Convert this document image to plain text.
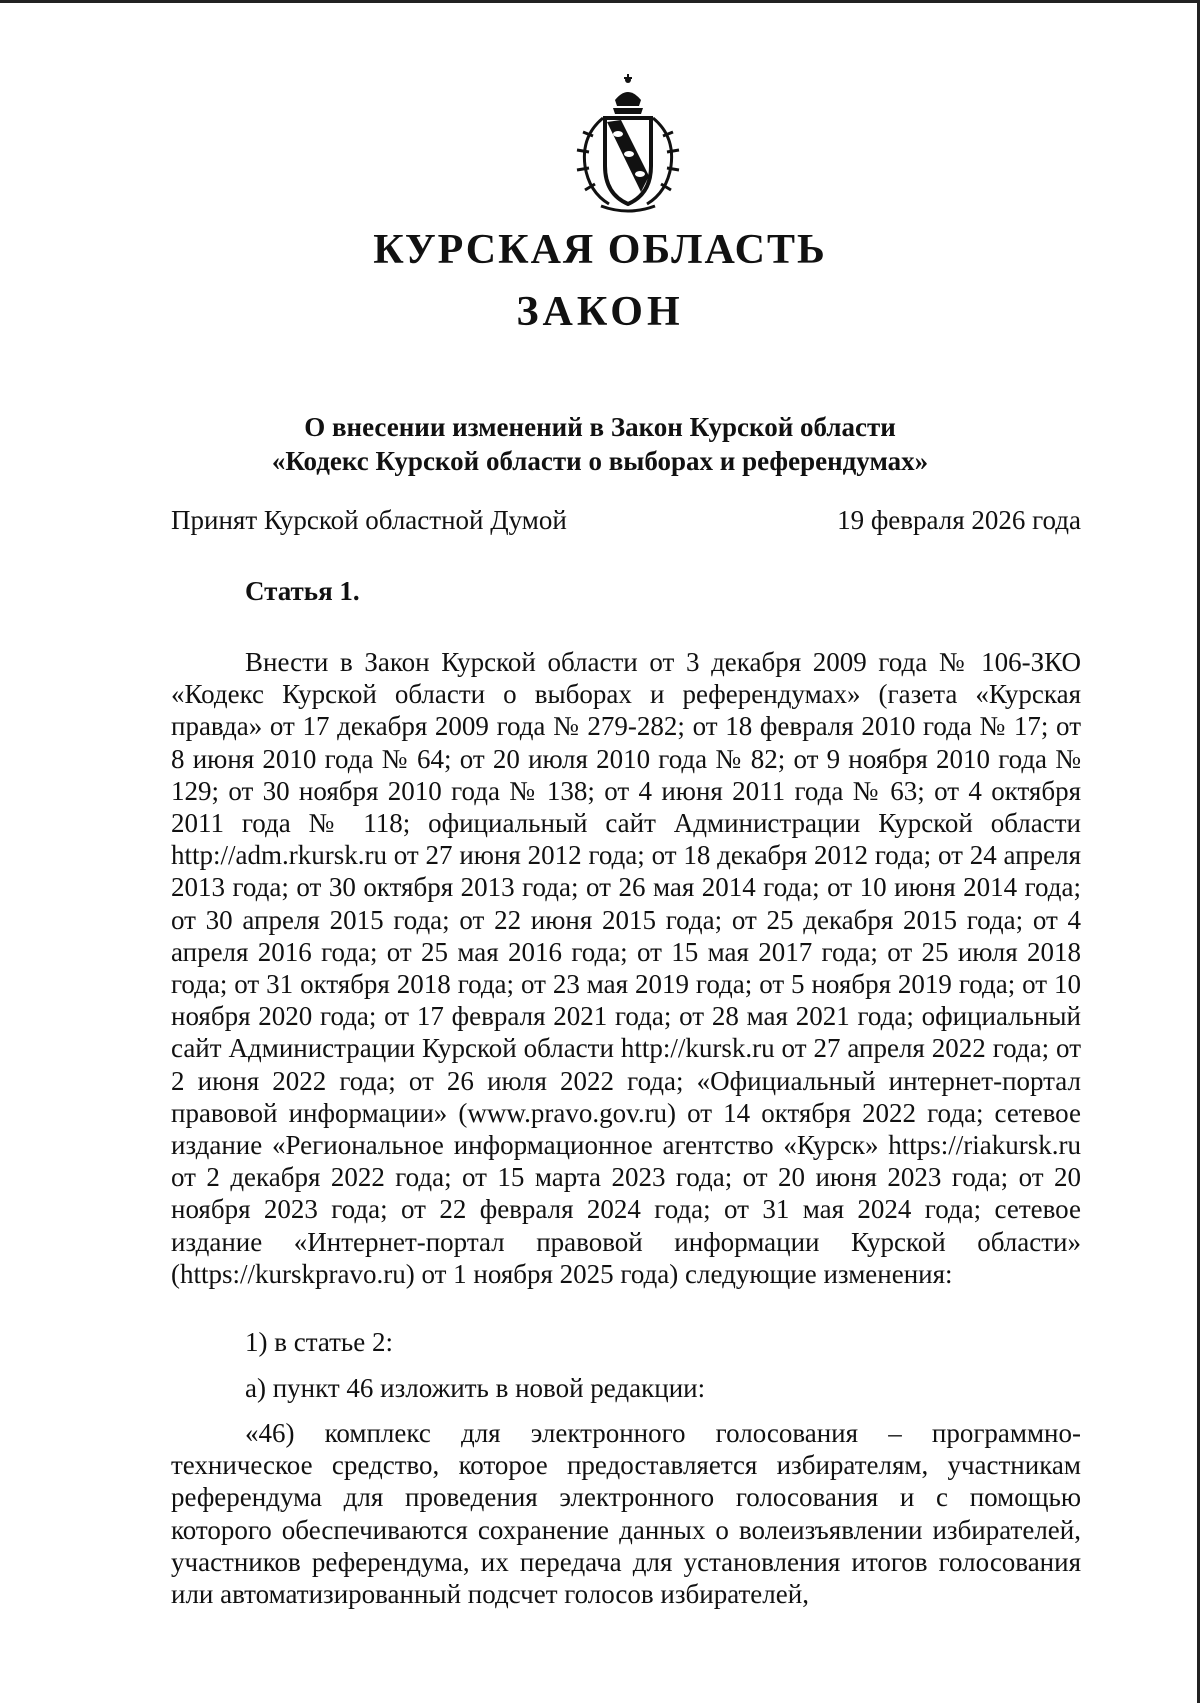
КУРСКАЯ ОБЛАСТЬ
ЗАКОН
О внесении изменений в Закон Курской области
«Кодекс Курской области о выборах и референдумах»
Принят Курской областной Думой	19 февраля 2026 года
Статья 1.

Внести в Закон Курской области от 3 декабря 2009 года № 106-ЗКО «Кодекс Курской области о выборах и референдумах» (газета «Курская правда» от 17 декабря 2009 года № 279-282; от 18 февраля 2010 года № 17; от 8 июня 2010 года № 64; от 20 июля 2010 года № 82; от 9 ноября 2010 года № 129; от 30 ноября 2010 года № 138; от 4 июня 2011 года № 63; от 4 октября 2011 года № 118; официальный сайт Администрации Курской области http://adm.rkursk.ru от 27 июня 2012 года; от 18 декабря 2012 года; от 24 апреля 2013 года; от 30 октября 2013 года; от 26 мая 2014 года; от 10 июня 2014 года; от 30 апреля 2015 года; от 22 июня 2015 года; от 25 декабря 2015 года; от 4 апреля 2016 года; от 25 мая 2016 года; от 15 мая 2017 года; от 25 июля 2018 года; от 31 октября 2018 года; от 23 мая 2019 года; от 5 ноября 2019 года; от 10 ноября 2020 года; от 17 февраля 2021 года; от 28 мая 2021 года; официальный сайт Администрации Курской области http://kursk.ru от 27 апреля 2022 года; от 2 июня 2022 года; от 26 июля 2022 года; «Официальный интернет-портал правовой информации» (www.pravo.gov.ru) от 14 октября 2022 года; сетевое издание «Региональное информационное агентство «Курск» https://riakursk.ru от 2 декабря 2022 года; от 15 марта 2023 года; от 20 июня 2023 года; от 20 ноября 2023 года; от 22 февраля 2024 года; от 31 мая 2024 года; сетевое издание «Интернет-портал правовой информации Курской области» (https://kurskpravo.ru) от 1 ноября 2025 года) следующие изменения:

1) в статье 2:

а) пункт 46 изложить в новой редакции:

«46) комплекс для электронного голосования – программно-техническое средство, которое предоставляется избирателям, участникам референдума для проведения электронного голосования и с помощью которого обеспечиваются сохранение данных о волеизъявлении избирателей, участников референдума, их передача для установления итогов голосования или автоматизированный подсчет голосов избирателей,
